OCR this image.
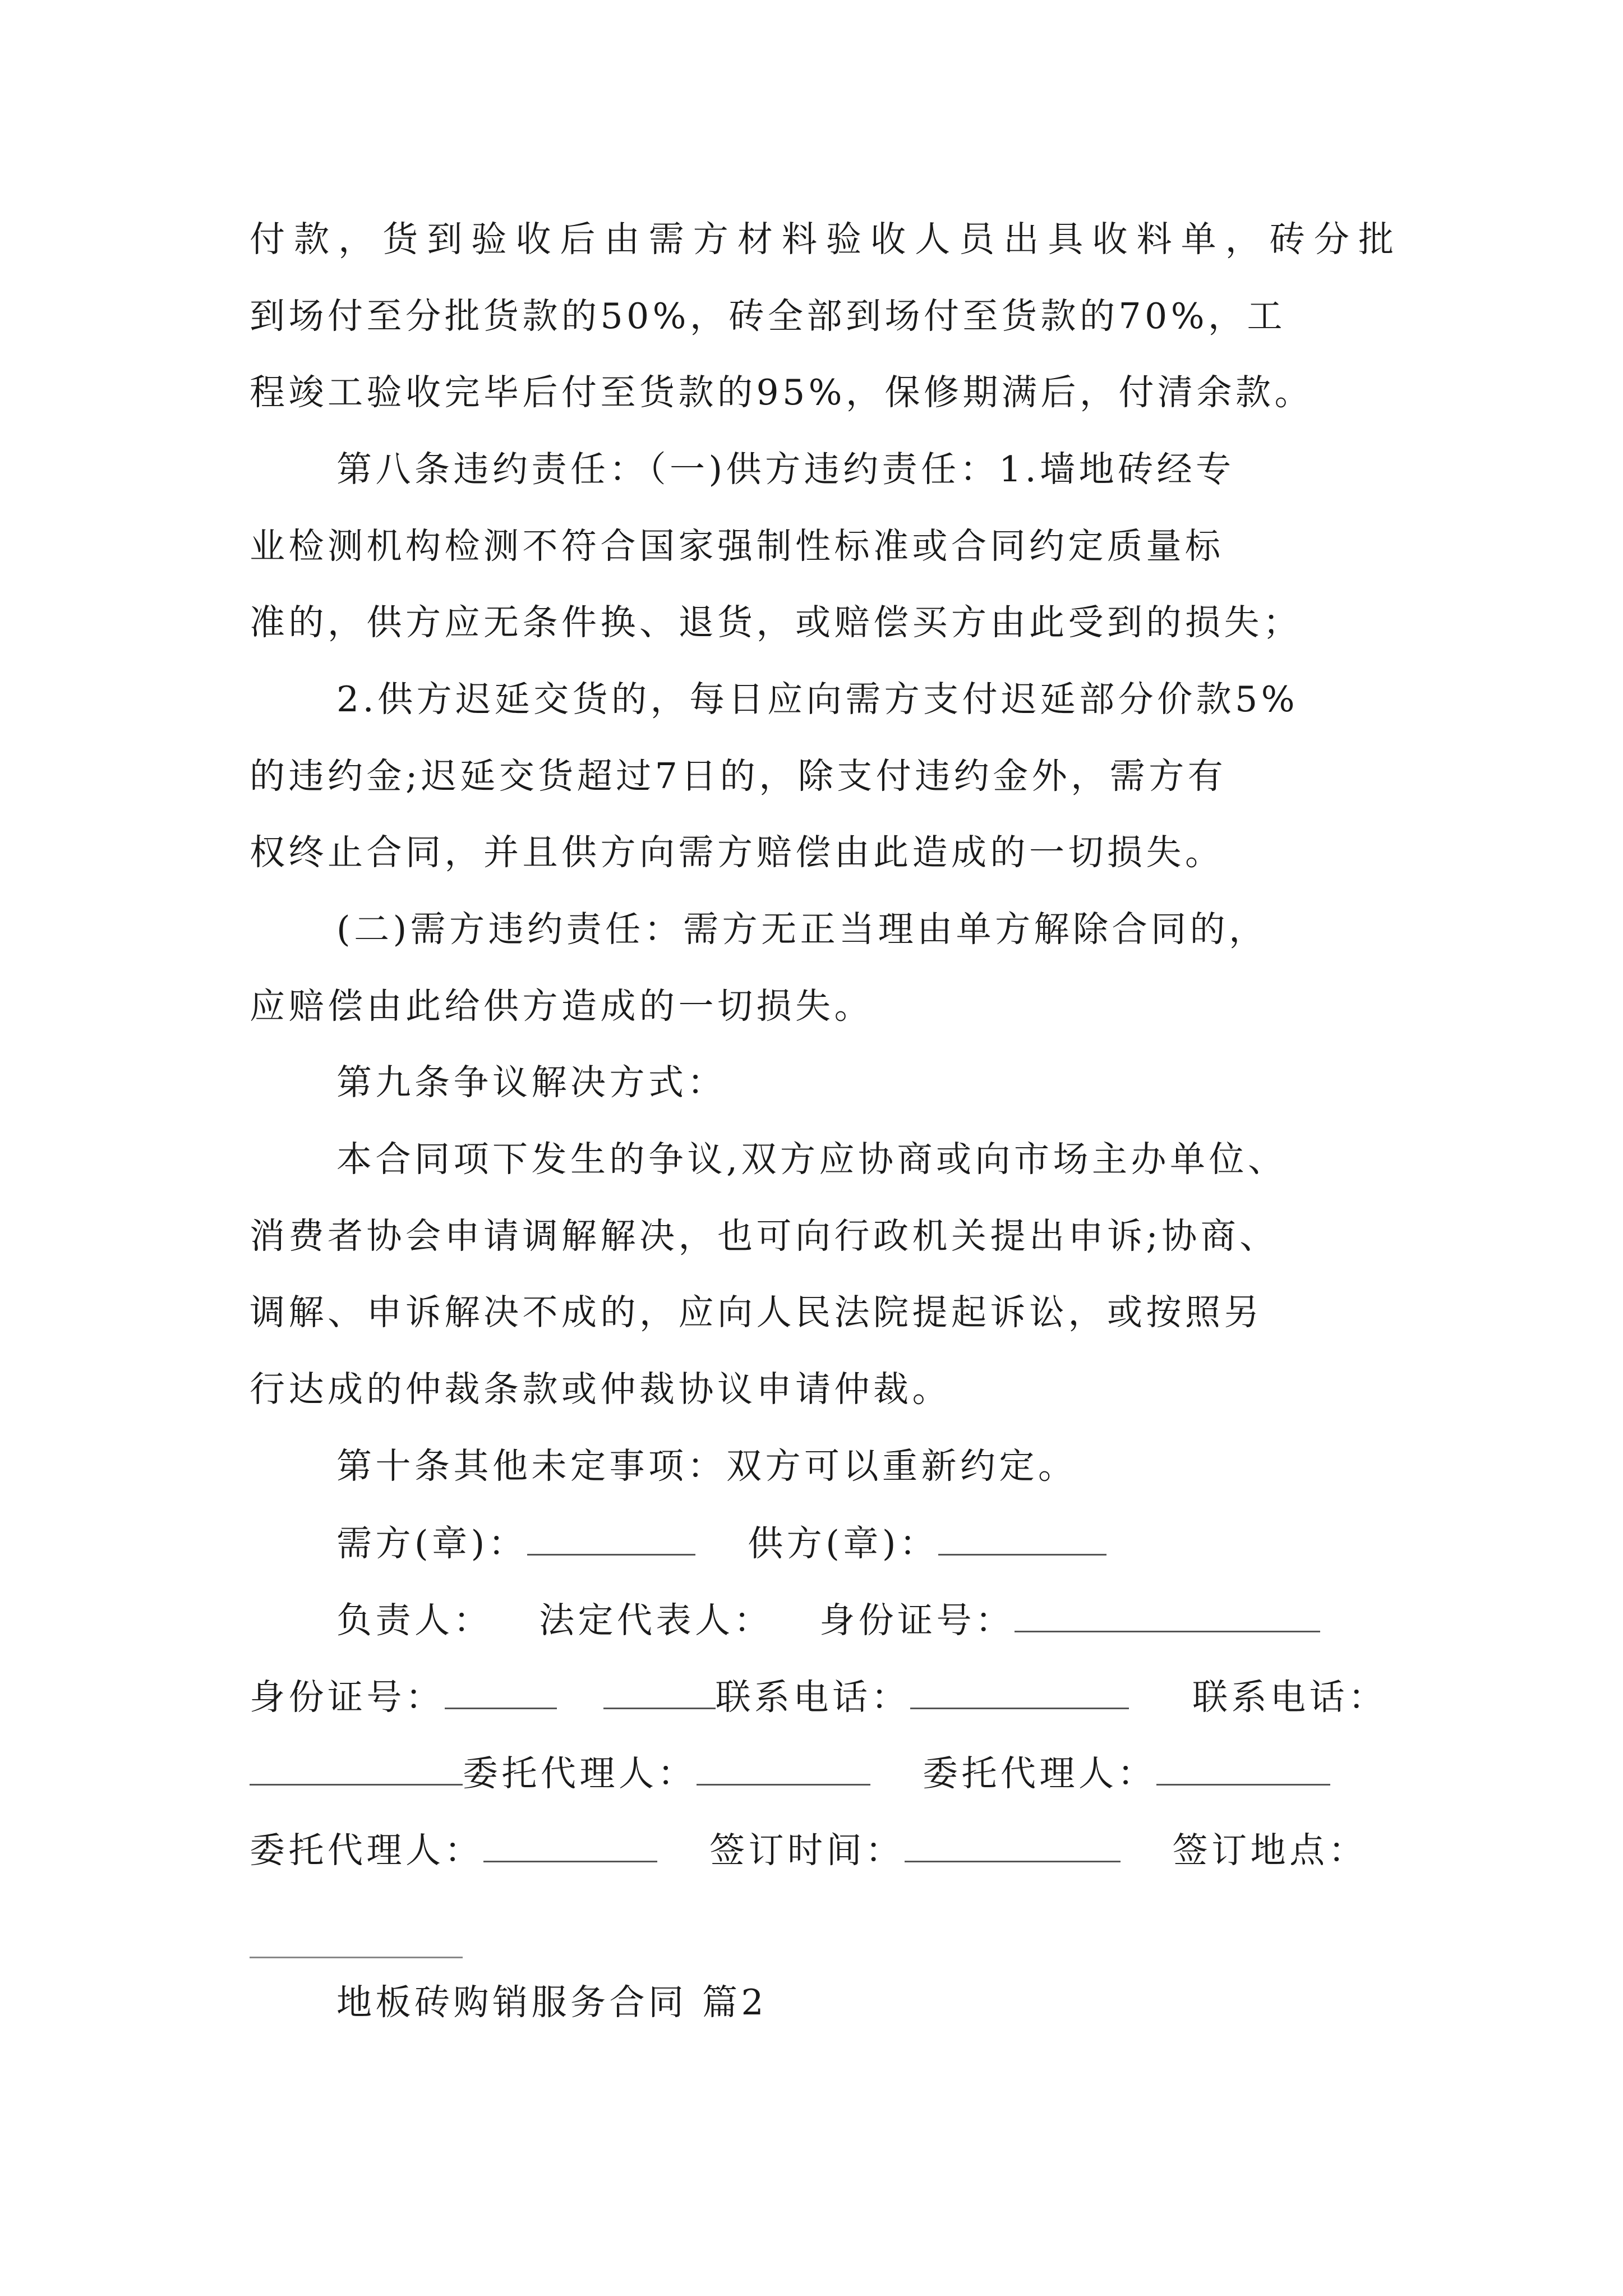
付 款 ， 货 到 验 收 后 由 需 方 材 料 验 收 人 员 出 具 收 料 单 ， 砖 分 批
到场付至分批货款的50%，砖全部到场付至货款的70%，工
程竣工验收完毕后付至货款的95%，保修期满后，付清余款。
第八条违约责任：（一)供方违约责任：1.墙地砖经专
业检测机构检测不符合国家强制性标准或合同约定质量标
准的，供方应无条件换、退货，或赔偿买方由此受到的损失；
2.供方迟延交货的，每日应向需方支付迟延部分价款5%
的违约金;迟延交货超过7日的，除支付违约金外，需方有
权终止合同，并且供方向需方赔偿由此造成的一切损失。
(二)需方违约责任：需方无正当理由单方解除合同的，
应赔偿由此给供方造成的一切损失。
第九条争议解决方式：
本合同项下发生的争议,双方应协商或向市场主办单位、
消费者协会申请调解解决，也可向行政机关提出申诉;协商、
调解、申诉解决不成的，应向人民法院提起诉讼，或按照另
行达成的仲裁条款或仲裁协议申请仲裁。
第十条其他未定事项：双方可以重新约定。
需方(章)：	供方(章)：
负责人： 法定代表人： 身份证号：
身份证号：	联系电话：	联系电话：
委托代理人：	委托代理人：
委托代理人：	签订时间：	签订地点：
地板砖购销服务合同 篇2
